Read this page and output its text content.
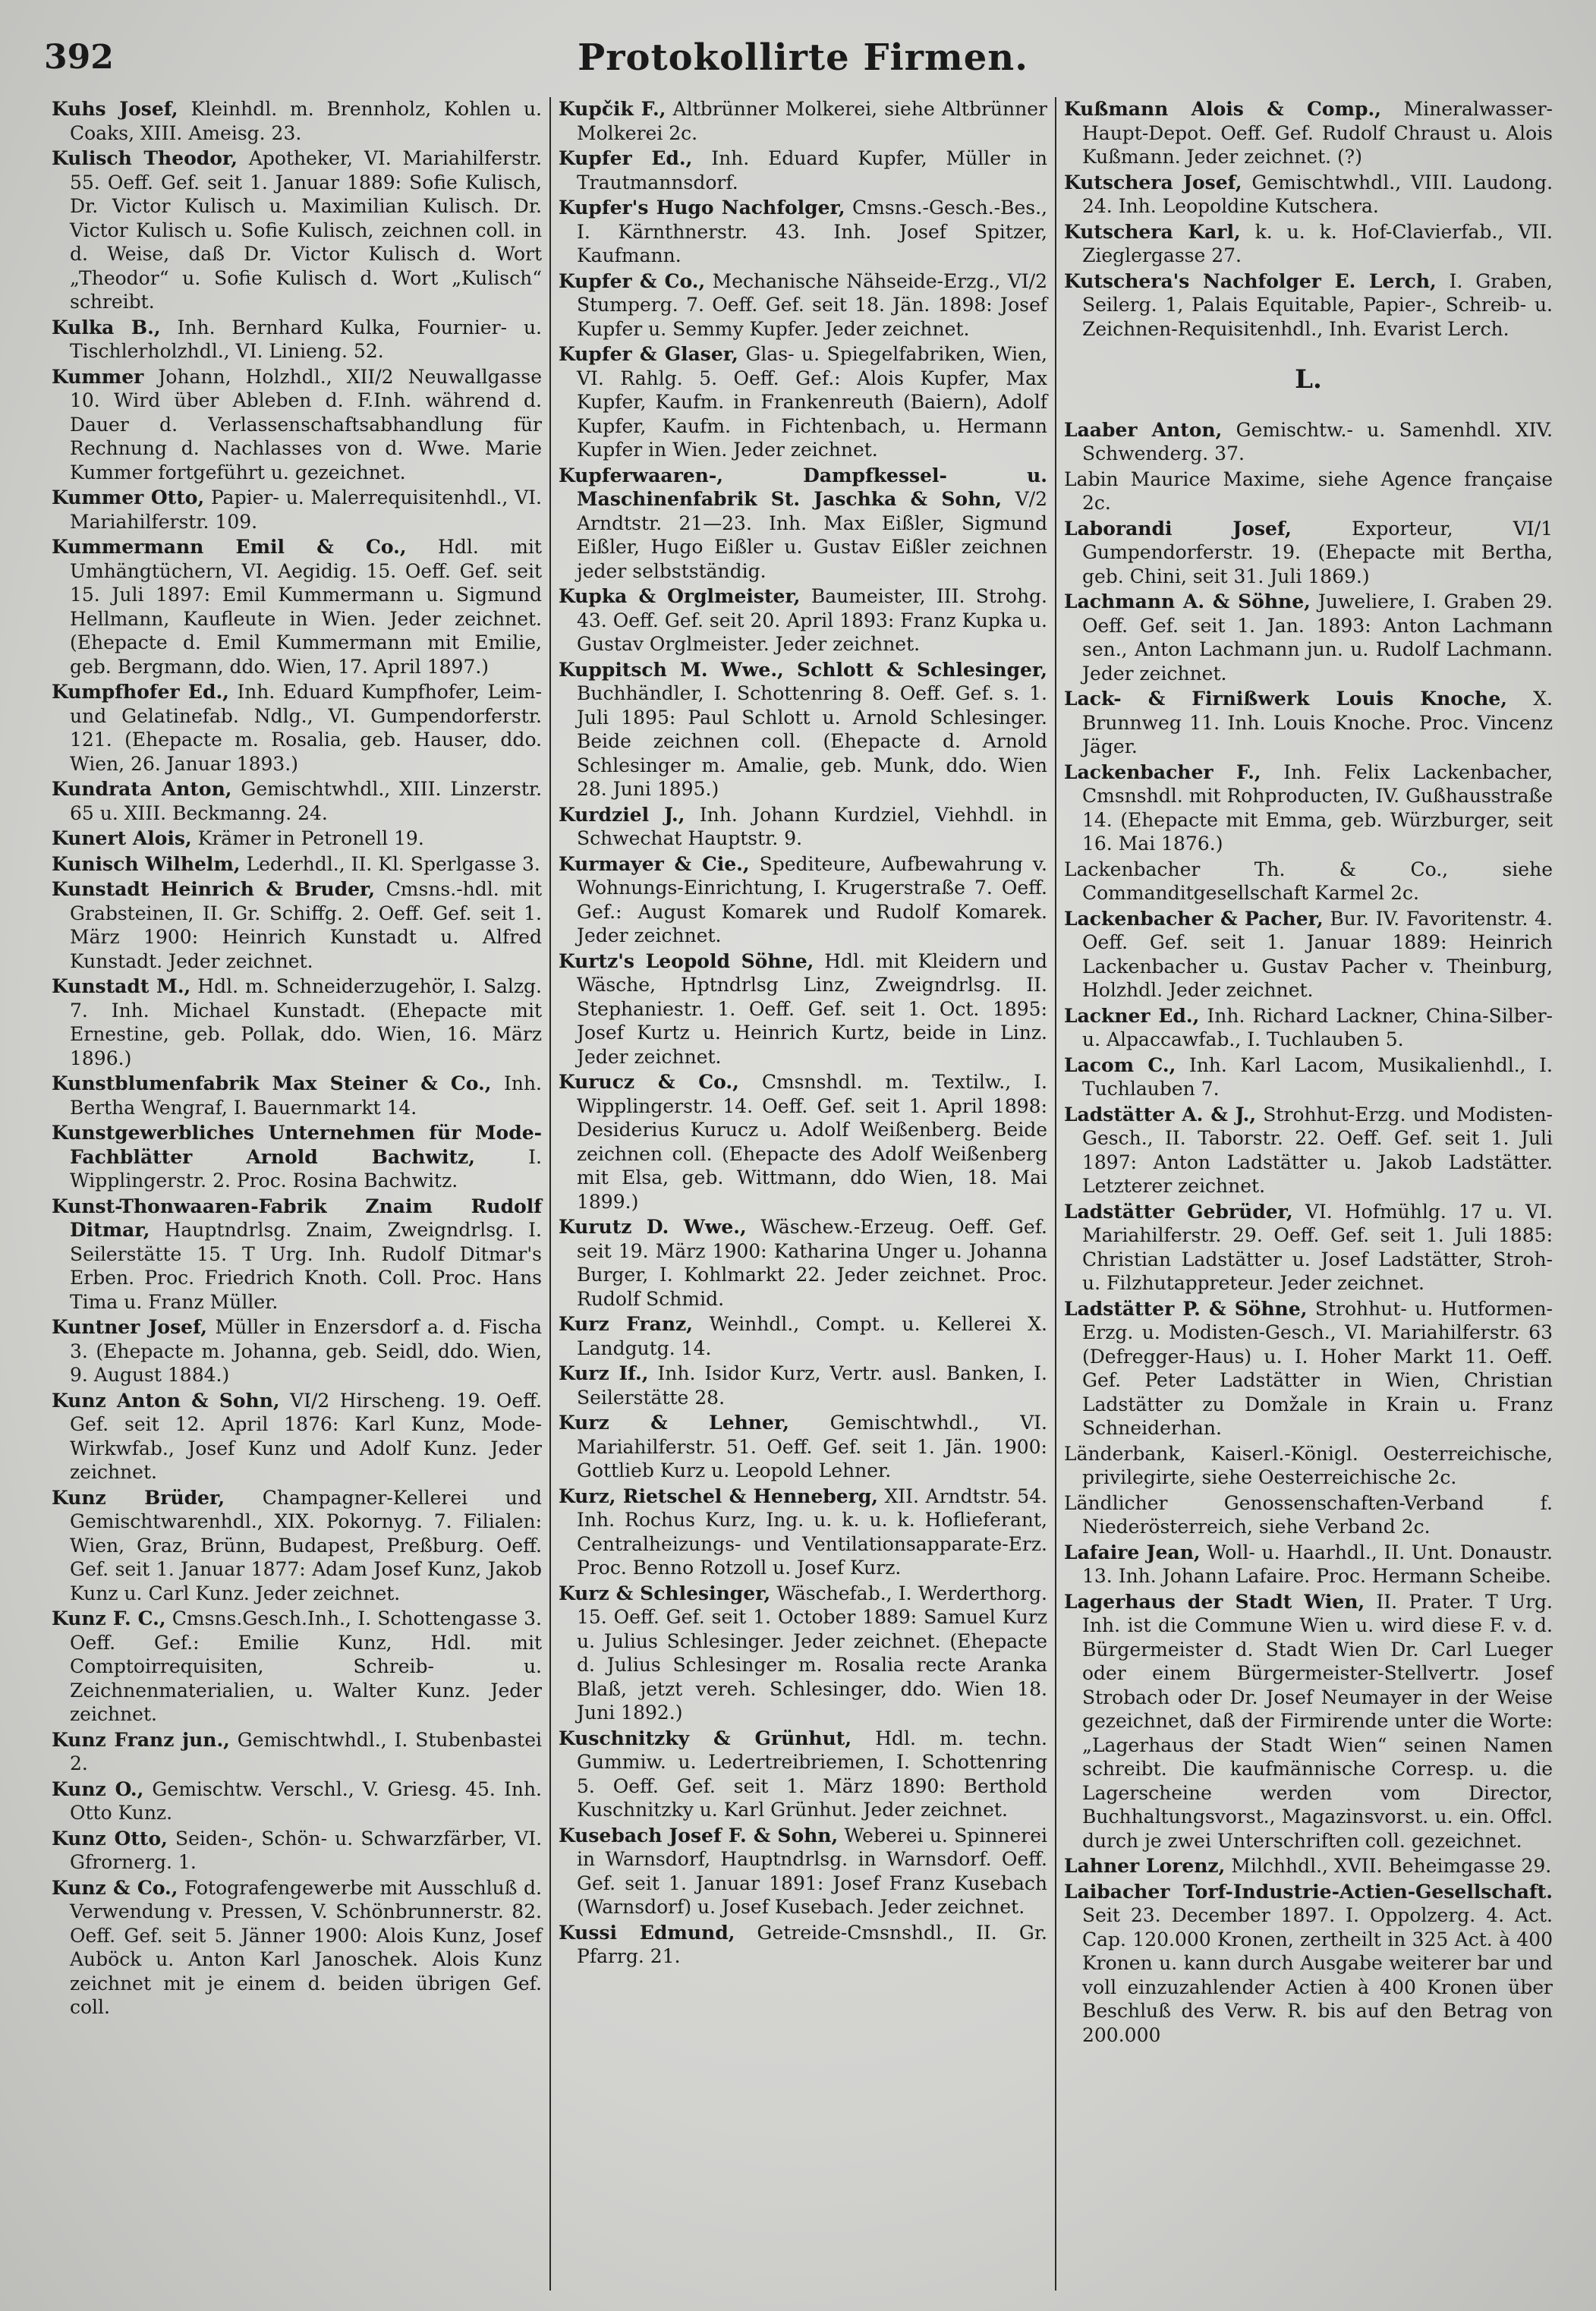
392	Protokollirte Firmen.

Kuhs Josef, Kleinhdl. m. Brennholz, Kohlen u. Coaks, XIII. Ameisg. 23.

Kulisch Theodor, Apotheker, VI. Mariahilferstr. 55. Oeff. Gef. seit 1. Januar 1889: Sofie Kulisch, Dr. Victor Kulisch u. Maximilian Kulisch. Dr. Victor Kulisch u. Sofie Kulisch, zeichnen coll. in d. Weise, daß Dr. Victor Kulisch d. Wort „Theodor“ u. Sofie Kulisch d. Wort „Kulisch“ schreibt.

Kulka B., Inh. Bernhard Kulka, Fournier- u. Tischlerholzhdl., VI. Linieng. 52.

Kummer Johann, Holzhdl., XII/2 Neuwallgasse 10. Wird über Ableben d. F.Inh. während d. Dauer d. Verlassenschaftsabhandlung für Rechnung d. Nachlasses von d. Wwe. Marie Kummer fortgeführt u. gezeichnet.

Kummer Otto, Papier- u. Malerrequisitenhdl., VI. Mariahilferstr. 109.

Kummermann Emil & Co., Hdl. mit Umhängtüchern, VI. Aegidig. 15. Oeff. Gef. seit 15. Juli 1897: Emil Kummermann u. Sigmund Hellmann, Kaufleute in Wien. Jeder zeichnet. (Ehepacte d. Emil Kummermann mit Emilie, geb. Bergmann, ddo. Wien, 17. April 1897.)

Kumpfhofer Ed., Inh. Eduard Kumpfhofer, Leim- und Gelatinefab. Ndlg., VI. Gumpendorferstr. 121. (Ehepacte m. Rosalia, geb. Hauser, ddo. Wien, 26. Januar 1893.)

Kundrata Anton, Gemischtwhdl., XIII. Linzerstr. 65 u. XIII. Beckmanng. 24.

Kunert Alois, Krämer in Petronell 19.

Kunisch Wilhelm, Lederhdl., II. Kl. Sperlgasse 3.

Kunstadt Heinrich & Bruder, Cmsns.-hdl. mit Grabsteinen, II. Gr. Schiffg. 2. Oeff. Gef. seit 1. März 1900: Heinrich Kunstadt u. Alfred Kunstadt. Jeder zeichnet.

Kunstadt M., Hdl. m. Schneiderzugehör, I. Salzg. 7. Inh. Michael Kunstadt. (Ehepacte mit Ernestine, geb. Pollak, ddo. Wien, 16. März 1896.)

Kunstblumenfabrik Max Steiner & Co., Inh. Bertha Wengraf, I. Bauernmarkt 14.

Kunstgewerbliches Unternehmen für Mode-Fachblätter Arnold Bachwitz,	I. Wipplingerstr. 2. Proc. Rosina Bachwitz.

Kunst-Thonwaaren-Fabrik Znaim Rudolf Ditmar, Hauptndrlsg. Znaim, Zweigndrlsg. I. Seilerstätte 15. T Urg. Inh. Rudolf Ditmar's Erben. Proc. Friedrich Knoth. Coll. Proc. Hans Tima u. Franz Müller.

Kuntner Josef, Müller in Enzersdorf a. d. Fischa 3. (Ehepacte m. Johanna, geb. Seidl, ddo. Wien, 9. August 1884.)

Kunz Anton & Sohn, VI/2 Hirscheng. 19. Oeff. Gef. seit 12. April 1876: Karl Kunz, Mode-Wirkwfab., Josef Kunz und Adolf Kunz. Jeder zeichnet.

Kunz Brüder, Champagner-Kellerei und Gemischtwarenhdl., XIX. Pokornyg. 7. Filialen: Wien, Graz, Brünn, Budapest, Preßburg. Oeff. Gef. seit 1. Januar 1877: Adam Josef Kunz, Jakob Kunz u. Carl Kunz. Jeder zeichnet.

Kunz F. C., Cmsns.Gesch.Inh., I. Schottengasse 3. Oeff. Gef.: Emilie Kunz, Hdl. mit Comptoirrequisiten, Schreib- u. Zeichnenmaterialien, u. Walter Kunz. Jeder zeichnet.

Kunz Franz jun., Gemischtwhdl., I. Stubenbastei 2.

Kunz O., Gemischtw. Verschl., V. Griesg. 45. Inh. Otto Kunz.

Kunz Otto, Seiden-, Schön- u. Schwarzfärber, VI. Gfrornerg. 1.

Kunz & Co., Fotografengewerbe mit Ausschluß d. Verwendung v. Pressen, V. Schönbrunnerstr. 82. Oeff. Gef. seit 5. Jänner 1900: Alois Kunz, Josef Auböck u. Anton Karl Janoschek. Alois Kunz zeichnet mit je einem d. beiden übrigen Gef. coll.

Kupčik F., Altbrünner Molkerei, siehe Altbrünner Molkerei 2c.

Kupfer Ed., Inh. Eduard Kupfer, Müller in Trautmannsdorf.

Kupfer's Hugo Nachfolger, Cmsns.-Gesch.-Bes., I. Kärnthnerstr. 43. Inh. Josef Spitzer, Kaufmann.

Kupfer & Co., Mechanische Nähseide-Erzg., VI/2 Stumperg. 7. Oeff. Gef. seit 18. Jän. 1898: Josef Kupfer u. Semmy Kupfer. Jeder zeichnet.

Kupfer & Glaser, Glas- u. Spiegelfabriken, Wien, VI. Rahlg. 5. Oeff. Gef.: Alois Kupfer, Max Kupfer, Kaufm. in Frankenreuth (Baiern), Adolf Kupfer, Kaufm. in Fichtenbach, u. Hermann Kupfer in Wien. Jeder zeichnet.

Kupferwaaren-, Dampfkessel- u. Maschinenfabrik St. Jaschka & Sohn, V/2 Arndtstr. 21—23. Inh. Max Eißler, Sigmund Eißler, Hugo Eißler u. Gustav Eißler zeichnen jeder selbstständig.

Kupka & Orglmeister, Baumeister, III. Strohg. 43. Oeff. Gef. seit 20. April 1893: Franz Kupka u. Gustav Orglmeister. Jeder zeichnet.

Kuppitsch M. Wwe., Schlott & Schlesinger, Buchhändler, I. Schottenring 8. Oeff. Gef. s. 1. Juli 1895: Paul Schlott u. Arnold Schlesinger. Beide zeichnen coll. (Ehepacte d. Arnold Schlesinger m. Amalie, geb. Munk, ddo. Wien 28. Juni 1895.)

Kurdziel J., Inh. Johann Kurdziel, Viehhdl. in Schwechat Hauptstr. 9.

Kurmayer & Cie., Spediteure, Aufbewahrung v. Wohnungs-Einrichtung, I. Krugerstraße 7. Oeff. Gef.: August Komarek und Rudolf Komarek. Jeder zeichnet.

Kurtz's Leopold Söhne, Hdl. mit Kleidern und Wäsche, Hptndrlsg Linz, Zweigndrlsg. II. Stephaniestr. 1. Oeff. Gef. seit 1. Oct. 1895: Josef Kurtz u. Heinrich Kurtz, beide in Linz. Jeder zeichnet.

Kurucz & Co., Cmsnshdl. m. Textilw., I. Wipplingerstr. 14. Oeff. Gef. seit 1. April 1898: Desiderius Kurucz u. Adolf Weißenberg. Beide zeichnen coll. (Ehepacte des Adolf Weißenberg mit Elsa, geb. Wittmann, ddo Wien, 18. Mai 1899.)

Kurutz D. Wwe., Wäschew.-Erzeug. Oeff. Gef. seit 19. März 1900: Katharina Unger u. Johanna Burger, I. Kohlmarkt 22. Jeder zeichnet. Proc. Rudolf Schmid.

Kurz Franz, Weinhdl., Compt. u. Kellerei X. Landgutg. 14.

Kurz If., Inh. Isidor Kurz, Vertr. ausl. Banken, I. Seilerstätte 28.

Kurz & Lehner, Gemischtwhdl., VI. Mariahilferstr. 51. Oeff. Gef. seit 1. Jän. 1900: Gottlieb Kurz u. Leopold Lehner.

Kurz, Rietschel & Henneberg, XII. Arndtstr. 54. Inh. Rochus Kurz, Ing. u. k. u. k. Hoflieferant, Centralheizungs- und Ventilationsapparate-Erz. Proc. Benno Rotzoll u. Josef Kurz.

Kurz & Schlesinger, Wäschefab., I. Werderthorg. 15. Oeff. Gef. seit 1. October 1889: Samuel Kurz u. Julius Schlesinger. Jeder zeichnet. (Ehepacte d. Julius Schlesinger m. Rosalia recte Aranka Blaß, jetzt vereh. Schlesinger, ddo. Wien 18. Juni 1892.)

Kuschnitzky & Grünhut, Hdl. m. techn. Gummiw. u. Ledertreibriemen, I. Schottenring 5. Oeff. Gef. seit 1. März 1890: Berthold Kuschnitzky u. Karl Grünhut. Jeder zeichnet.

Kusebach Josef F. & Sohn, Weberei u. Spinnerei in Warnsdorf, Hauptndrlsg. in Warnsdorf. Oeff. Gef. seit 1. Januar 1891: Josef Franz Kusebach (Warnsdorf) u. Josef Kusebach. Jeder zeichnet.

Kussi Edmund, Getreide-Cmsnshdl., II. Gr. Pfarrg. 21.

Kußmann Alois & Comp., Mineralwasser-Haupt-Depot. Oeff. Gef. Rudolf Chraust u. Alois Kußmann. Jeder zeichnet. (?)

Kutschera Josef, Gemischtwhdl., VIII. Laudong. 24. Inh. Leopoldine Kutschera.

Kutschera Karl, k. u. k. Hof-Clavierfab., VII. Zieglergasse 27.

Kutschera's Nachfolger E. Lerch, I. Graben, Seilerg. 1, Palais Equitable, Papier-, Schreib- u. Zeichnen-Requisitenhdl., Inh. Evarist Lerch.

L.

Laaber Anton, Gemischtw.- u. Samenhdl. XIV. Schwenderg. 37.

Labin Maurice Maxime, siehe Agence française 2c.

Laborandi Josef,	Exporteur, VI/1 Gumpendorferstr. 19. (Ehepacte mit Bertha, geb. Chini, seit 31. Juli 1869.)

Lachmann A. & Söhne, Juweliere, I. Graben 29. Oeff. Gef. seit 1. Jan. 1893: Anton Lachmann sen., Anton Lachmann jun. u. Rudolf Lachmann. Jeder zeichnet.

Lack- & Firnißwerk Louis Knoche, X. Brunnweg 11. Inh. Louis Knoche. Proc. Vincenz Jäger.

Lackenbacher F., Inh. Felix Lackenbacher, Cmsnshdl. mit Rohproducten, IV. Gußhausstraße 14. (Ehepacte mit Emma, geb. Würzburger, seit 16. Mai 1876.)

Lackenbacher Th. & Co., siehe Commanditgesellschaft Karmel 2c.

Lackenbacher & Pacher, Bur. IV. Favoritenstr. 4. Oeff. Gef. seit 1. Januar 1889: Heinrich Lackenbacher u. Gustav Pacher v. Theinburg, Holzhdl. Jeder zeichnet.

Lackner Ed., Inh. Richard Lackner, China-Silber- u. Alpaccawfab., I. Tuchlauben 5.

Lacom C., Inh. Karl Lacom, Musikalienhdl., I. Tuchlauben 7.

Ladstätter A. & J., Strohhut-Erzg. und Modisten-Gesch., II. Taborstr. 22. Oeff. Gef. seit 1. Juli 1897: Anton Ladstätter u. Jakob Ladstätter. Letzterer zeichnet.

Ladstätter Gebrüder, VI. Hofmühlg. 17 u. VI. Mariahilferstr. 29. Oeff. Gef. seit 1. Juli 1885: Christian Ladstätter u. Josef Ladstätter, Stroh- u. Filzhutappreteur. Jeder zeichnet.

Ladstätter P. & Söhne, Strohhut- u. Hutformen-Erzg. u. Modisten-Gesch., VI. Mariahilferstr. 63 (Defregger-Haus) u. I. Hoher Markt 11. Oeff. Gef. Peter Ladstätter in Wien, Christian Ladstätter zu Domžale in Krain u. Franz Schneiderhan.

Länderbank, Kaiserl.-Königl. Oesterreichische, privilegirte, siehe Oesterreichische 2c.

Ländlicher Genossenschaften-Verband f. Niederösterreich, siehe Verband 2c.

Lafaire Jean, Woll- u. Haarhdl., II. Unt. Donaustr. 13. Inh. Johann Lafaire. Proc. Hermann Scheibe.

Lagerhaus der Stadt Wien, II. Prater. T Urg. Inh. ist die Commune Wien u. wird diese F. v. d. Bürgermeister d. Stadt Wien Dr. Carl Lueger oder einem Bürgermeister-Stellvertr. Josef Strobach oder Dr. Josef Neumayer in der Weise gezeichnet, daß der Firmirende unter die Worte: „Lagerhaus der Stadt Wien“ seinen Namen schreibt. Die kaufmännische Corresp. u. die Lagerscheine werden vom Director, Buchhaltungsvorst., Magazinsvorst. u. ein. Offcl. durch je zwei Unterschriften coll. gezeichnet.

Lahner Lorenz, Milchhdl., XVII. Beheimgasse 29.

Laibacher Torf-Industrie-Actien-Gesellschaft. Seit 23. December 1897. I. Oppolzerg. 4. Act. Cap. 120.000 Kronen, zertheilt in 325 Act. à 400 Kronen u. kann durch Ausgabe weiterer bar und voll einzuzahlender Actien à 400 Kronen über Beschluß des Verw. R. bis auf den Betrag von 200.000
